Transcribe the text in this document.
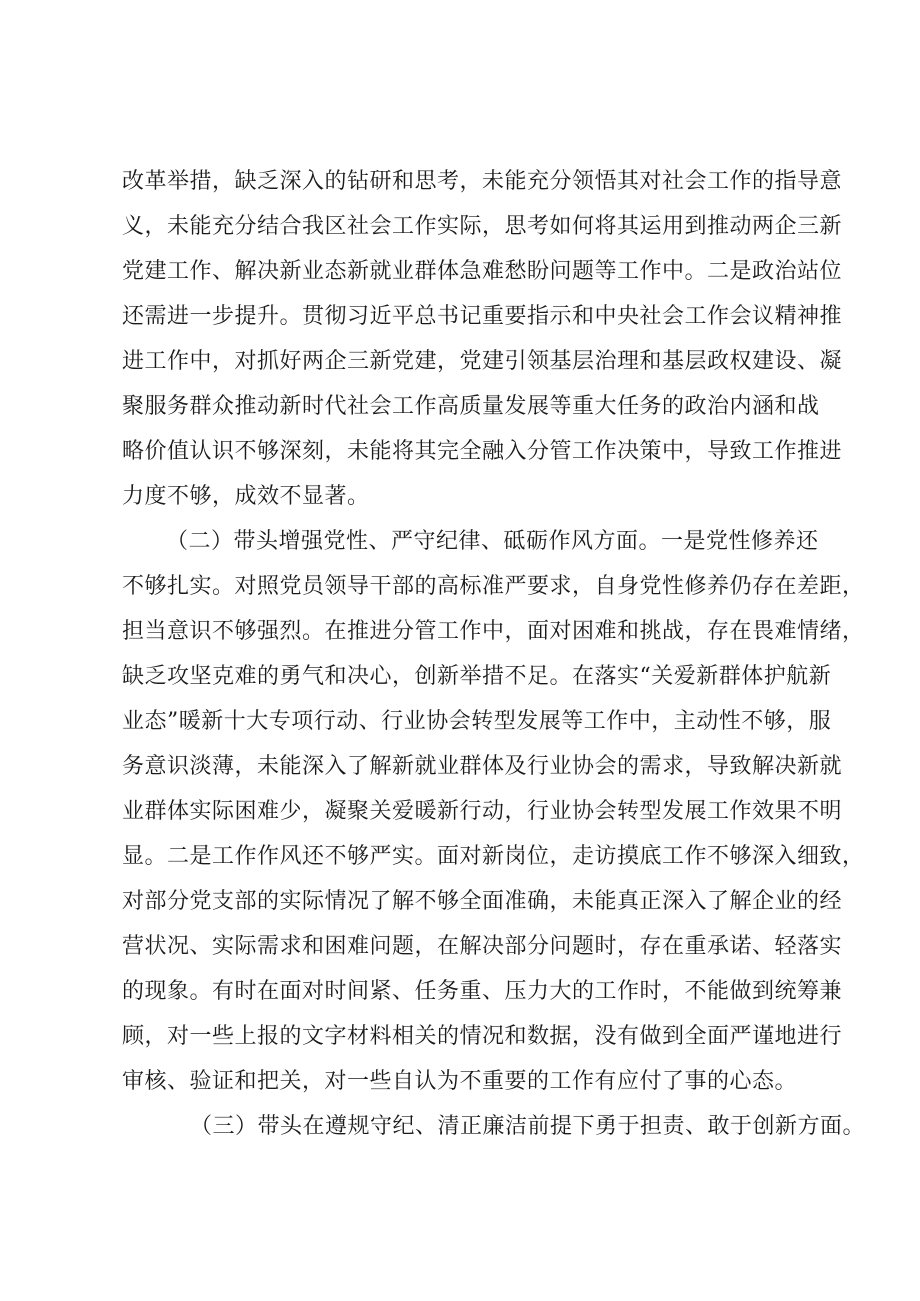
改革举措，缺乏深入的钻研和思考，未能充分领悟其对社会工作的指导意
义，未能充分结合我区社会工作实际，思考如何将其运用到推动两企三新
党建工作、解决新业态新就业群体急难愁盼问题等工作中。二是政治站位
还需进一步提升。贯彻习近平总书记重要指示和中央社会工作会议精神推
进工作中，对抓好两企三新党建，党建引领基层治理和基层政权建设、凝
聚服务群众推动新时代社会工作高质量发展等重大任务的政治内涵和战
略价值认识不够深刻，未能将其完全融入分管工作决策中，导致工作推进
力度不够，成效不显著。
（二）带头增强党性、严守纪律、砥砺作风方面。一是党性修养还
不够扎实。对照党员领导干部的高标准严要求，自身党性修养仍存在差距，
担当意识不够强烈。在推进分管工作中，面对困难和挑战，存在畏难情绪，
缺乏攻坚克难的勇气和决心，创新举措不足。在落实“关爱新群体护航新
业态”暖新十大专项行动、行业协会转型发展等工作中，主动性不够，服
务意识淡薄，未能深入了解新就业群体及行业协会的需求，导致解决新就
业群体实际困难少，凝聚关爱暖新行动，行业协会转型发展工作效果不明
显。二是工作作风还不够严实。面对新岗位，走访摸底工作不够深入细致，
对部分党支部的实际情况了解不够全面准确，未能真正深入了解企业的经
营状况、实际需求和困难问题，在解决部分问题时，存在重承诺、轻落实
的现象。有时在面对时间紧、任务重、压力大的工作时，不能做到统筹兼
顾，对一些上报的文字材料相关的情况和数据，没有做到全面严谨地进行
审核、验证和把关，对一些自认为不重要的工作有应付了事的心态。
（三）带头在遵规守纪、清正廉洁前提下勇于担责、敢于创新方面。
